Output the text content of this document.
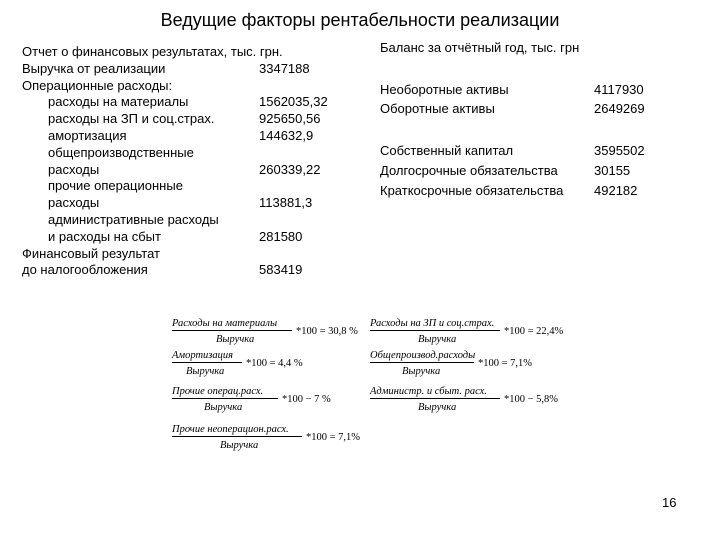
Ведущие факторы рентабельности реализации
Отчет о финансовых результатах, тыс. грн.
Выручка от реализации	3347188
Операционные расходы:
расходы на материалы	1562035,32
расходы на ЗП и соц.страх.	925650,56
амортизация	144632,9
общепроизводственные
расходы	260339,22
прочие операционные
расходы	113881,3
административные расходы
и расходы на сбыт	281580
Финансовый результат
до налогообложения	583419
Баланс за отчётный год, тыс. грн
Необоротные активы	4117930
Оборотные активы	2649269
Собственный капитал	3595502
Долгосрочные обязательства	30155
Краткосрочные обязательства 492182
Расходы на материалы
Выручка
*100 = 30,8 %
Расходы на ЗП и соц.страх.
Выручка
*100 = 22,4%
Амортизация
Выручка
*100 = 4,4 %
Общепроизвод.расходы
Выручка
*100 = 7,1%
Прочие операц.расх.
Выручка
*100 − 7 %
Администр. и сбыт. расх.
Выручка
*100 − 5,8%
Прочие неоперацион.расх.
Выручка
*100 = 7,1%
16
